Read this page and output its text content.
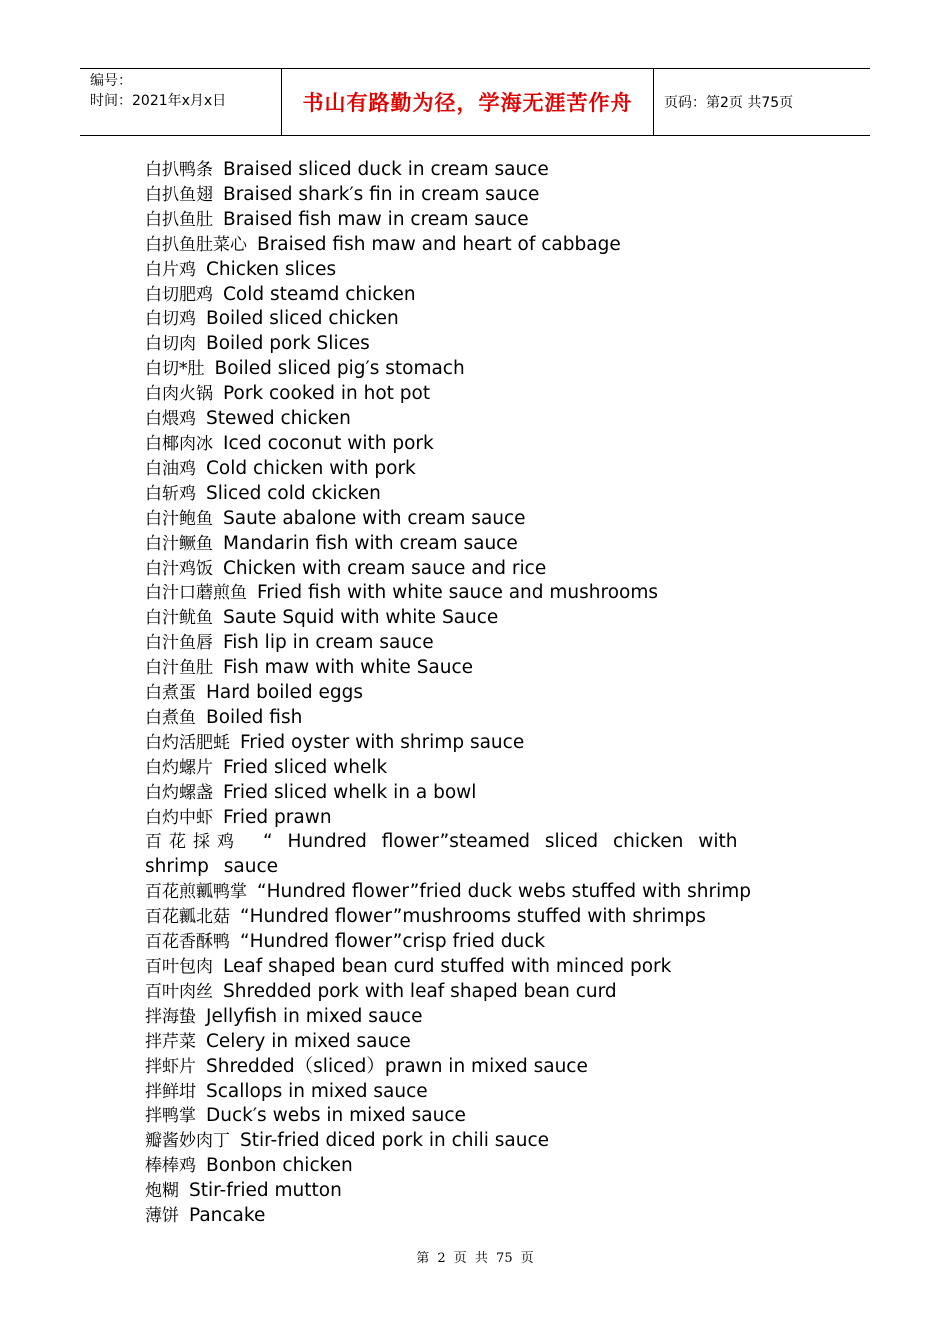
编号：
时间：2021年x月x日	书山有路勤为径，学海无涯苦作舟	页码：第2页 共75页
白扒鸭条 Braised sliced duck in cream sauce
白扒鱼翅 Braised shark′s fin in cream sauce
白扒鱼肚 Braised fish maw in cream sauce
白扒鱼肚菜心 Braised fish maw and heart of cabbage
白片鸡 Chicken slices
白切肥鸡 Cold steamd chicken
白切鸡 Boiled sliced chicken
白切肉 Boiled pork Slices
白切*肚 Boiled sliced pig′s stomach
白肉火锅 Pork cooked in hot pot
白煨鸡 Stewed chicken
白椰肉冰 Iced coconut with pork
白油鸡 Cold chicken with pork
白斩鸡 Sliced cold ckicken
白汁鲍鱼 Saute abalone with cream sauce
白汁鳜鱼 Mandarin fish with cream sauce
白汁鸡饭 Chicken with cream sauce and rice
白汁口蘑煎鱼 Fried fish with white sauce and mushrooms
白汁鱿鱼 Saute Squid with white Sauce
白汁鱼唇 Fish lip in cream sauce
白汁鱼肚 Fish maw with white Sauce
白煮蛋 Hard boiled eggs
白煮鱼 Boiled fish
白灼活肥蚝 Fried oyster with shrimp sauce
白灼螺片 Fried sliced whelk
白灼螺盏 Fried sliced whelk in a bowl
白灼中虾 Fried prawn
百花採鸡 “ Hundred flower”steamed sliced chicken with shrimp sauce
百花煎瓤鸭掌 “Hundred flower”fried duck webs stuffed with shrimp
百花瓤北菇 “Hundred flower”mushrooms stuffed with shrimps
百花香酥鸭 “Hundred flower”crisp fried duck
百叶包肉 Leaf shaped bean curd stuffed with minced pork
百叶肉丝 Shredded pork with leaf shaped bean curd
拌海蛰 Jellyfish in mixed sauce
拌芹菜 Celery in mixed sauce
拌虾片 Shredded（sliced）prawn in mixed sauce
拌鲜坩 Scallops in mixed sauce
拌鸭掌 Duck′s webs in mixed sauce
瓣酱妙肉丁 Stir-fried diced pork in chili sauce
棒棒鸡 Bonbon chicken
炮糊 Stir-fried mutton
薄饼 Pancake
第 2 页 共 75 页
